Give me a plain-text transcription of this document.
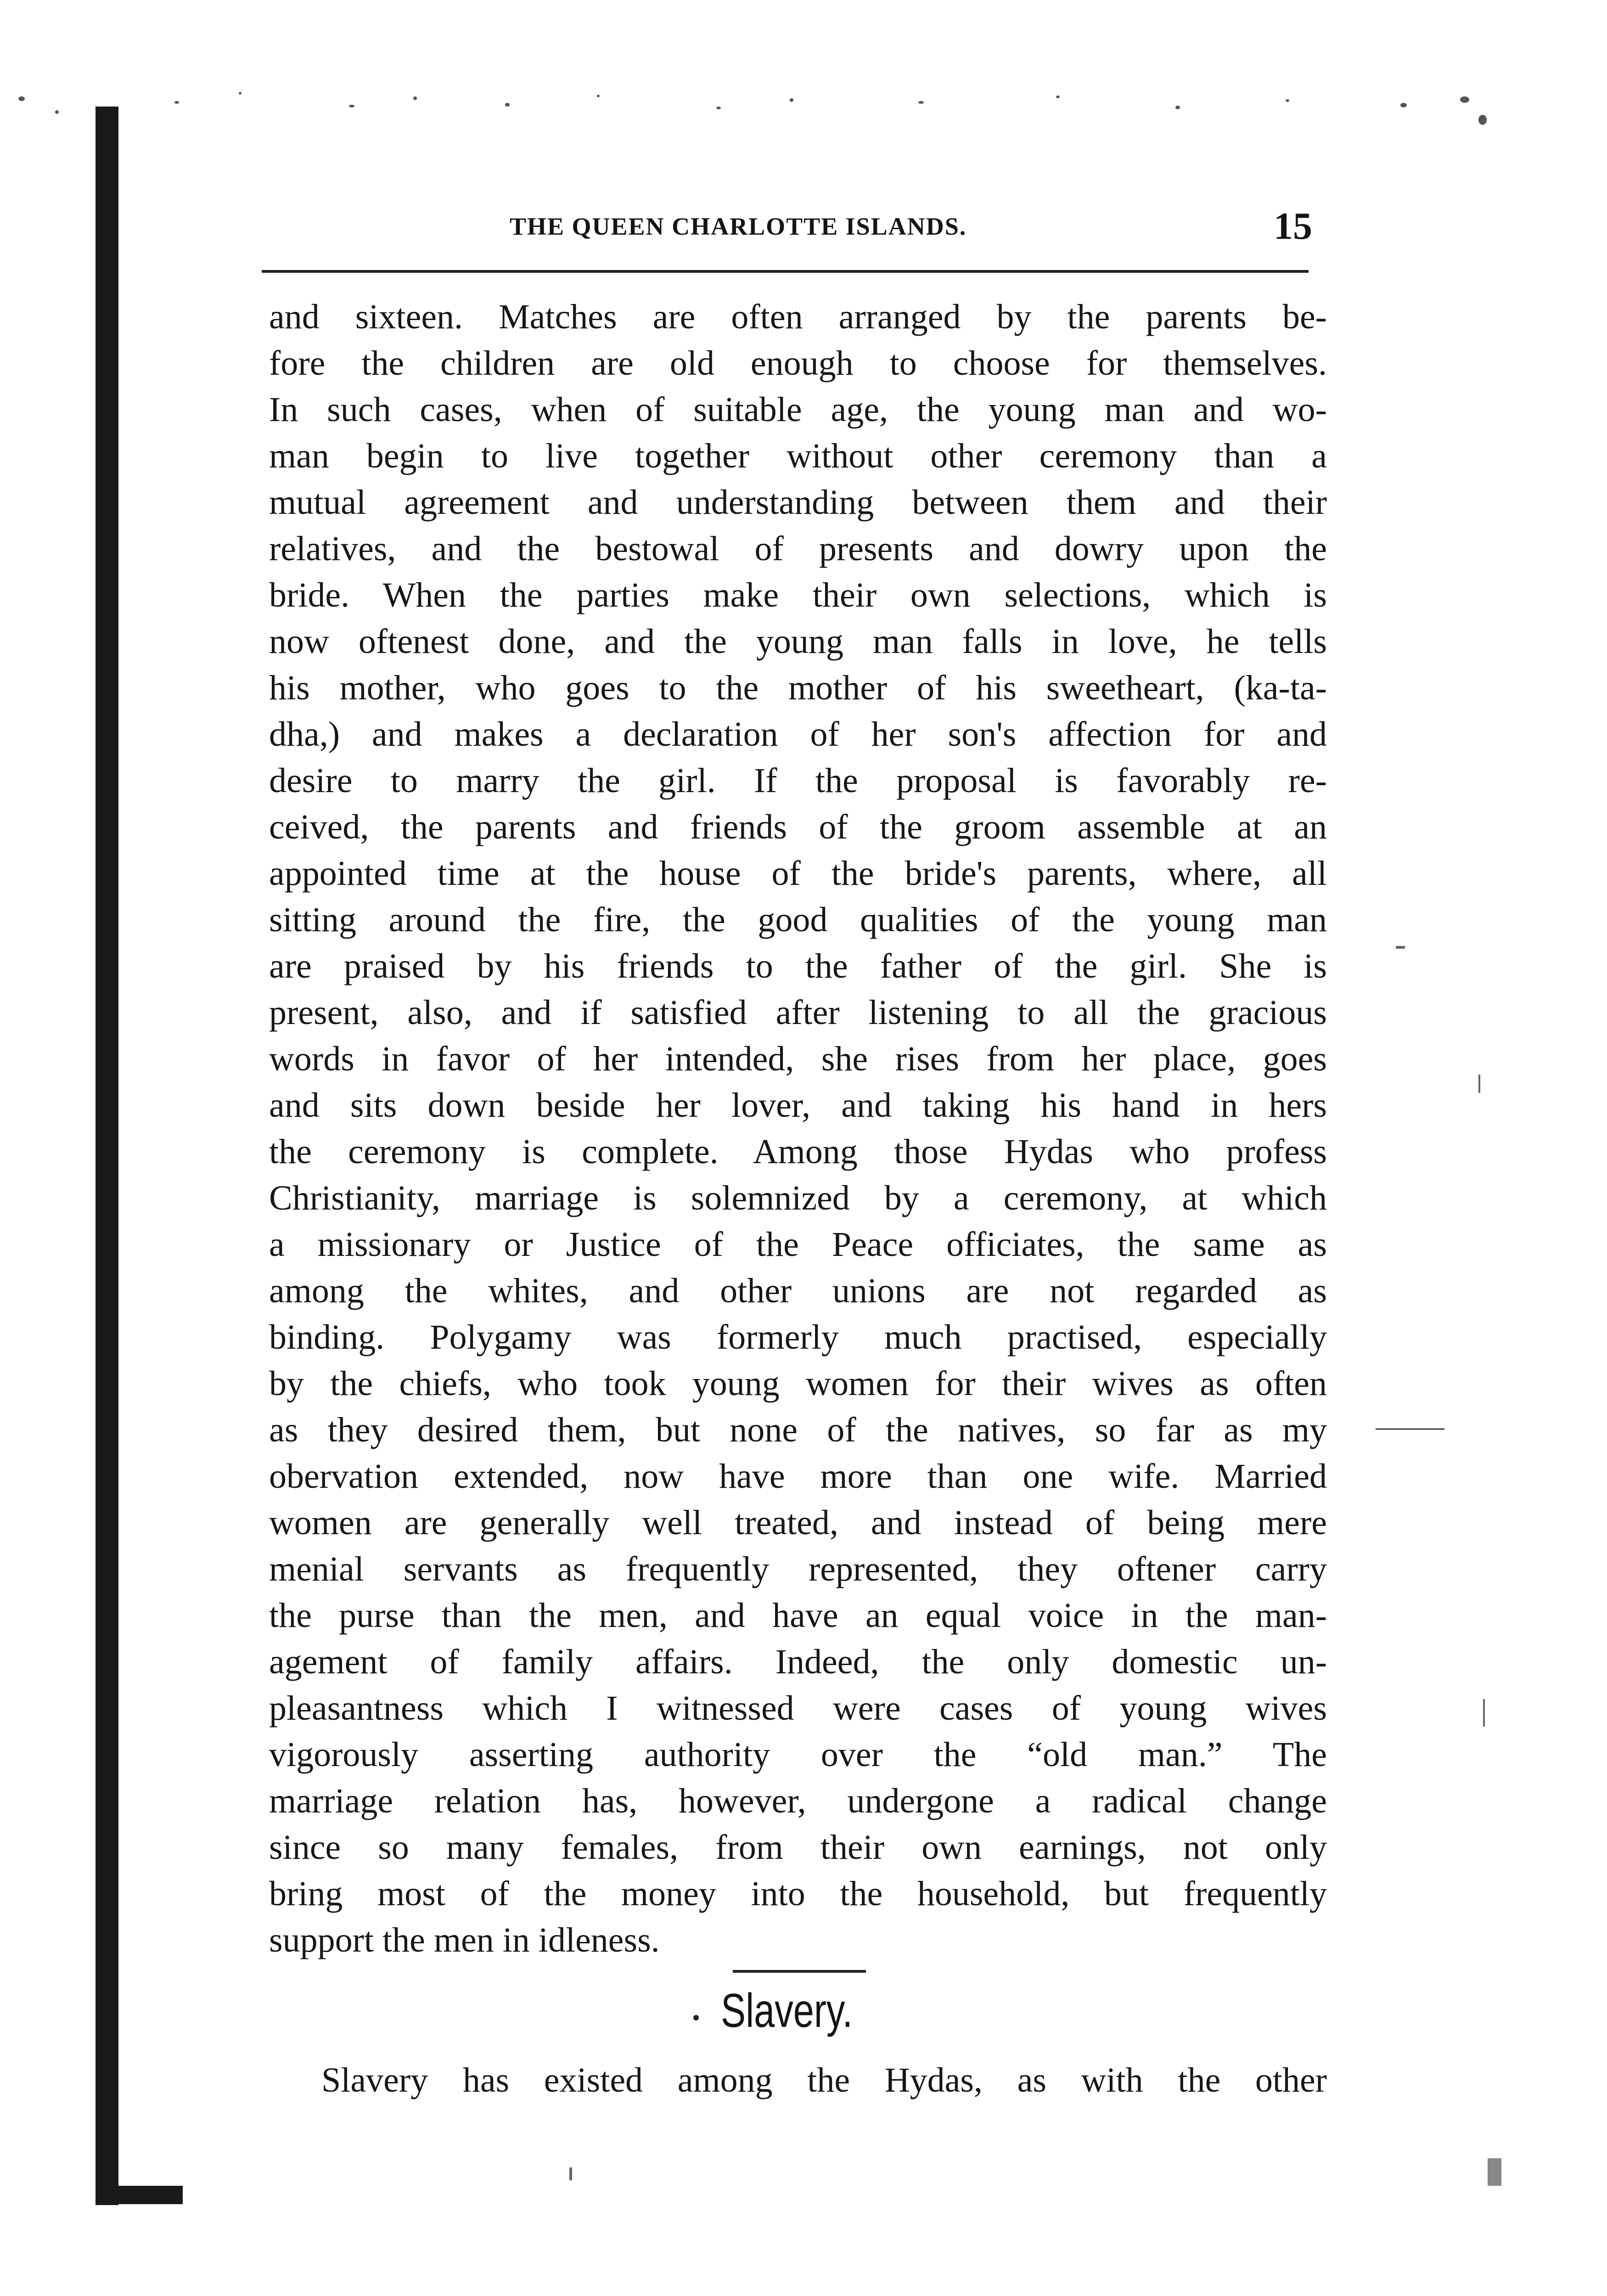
THE QUEEN CHARLOTTE ISLANDS.	15
and sixteen. Matches are often arranged by the parents be-
fore the children are old enough to choose for themselves.
In such cases, when of suitable age, the young man and wo-
man begin to live together without other ceremony than a
mutual agreement and understanding between them and their
relatives, and the bestowal of presents and dowry upon the
bride. When the parties make their own selections, which is
now oftenest done, and the young man falls in love, he tells
his mother, who goes to the mother of his sweetheart, (ka-ta-
dha,) and makes a declaration of her son's affection for and
desire to marry the girl. If the proposal is favorably re-
ceived, the parents and friends of the groom assemble at an
appointed time at the house of the bride's parents, where, all
sitting around the fire, the good qualities of the young man
are praised by his friends to the father of the girl. She is
present, also, and if satisfied after listening to all the gracious
words in favor of her intended, she rises from her place, goes
and sits down beside her lover, and taking his hand in hers
the ceremony is complete. Among those Hydas who profess
Christianity, marriage is solemnized by a ceremony, at which
a missionary or Justice of the Peace officiates, the same as
among the whites, and other unions are not regarded as
binding. Polygamy was formerly much practised, especially
by the chiefs, who took young women for their wives as often
as they desired them, but none of the natives, so far as my
obervation extended, now have more than one wife. Married
women are generally well treated, and instead of being mere
menial servants as frequently represented, they oftener carry
the purse than the men, and have an equal voice in the man-
agement of family affairs. Indeed, the only domestic un-
pleasantness which I witnessed were cases of young wives
vigorously asserting authority over the “old man.” The
marriage relation has, however, undergone a radical change
since so many females, from their own earnings, not only
bring most of the money into the household, but frequently
support the men in idleness.
Slavery.
Slavery has existed among the Hydas, as with the other
